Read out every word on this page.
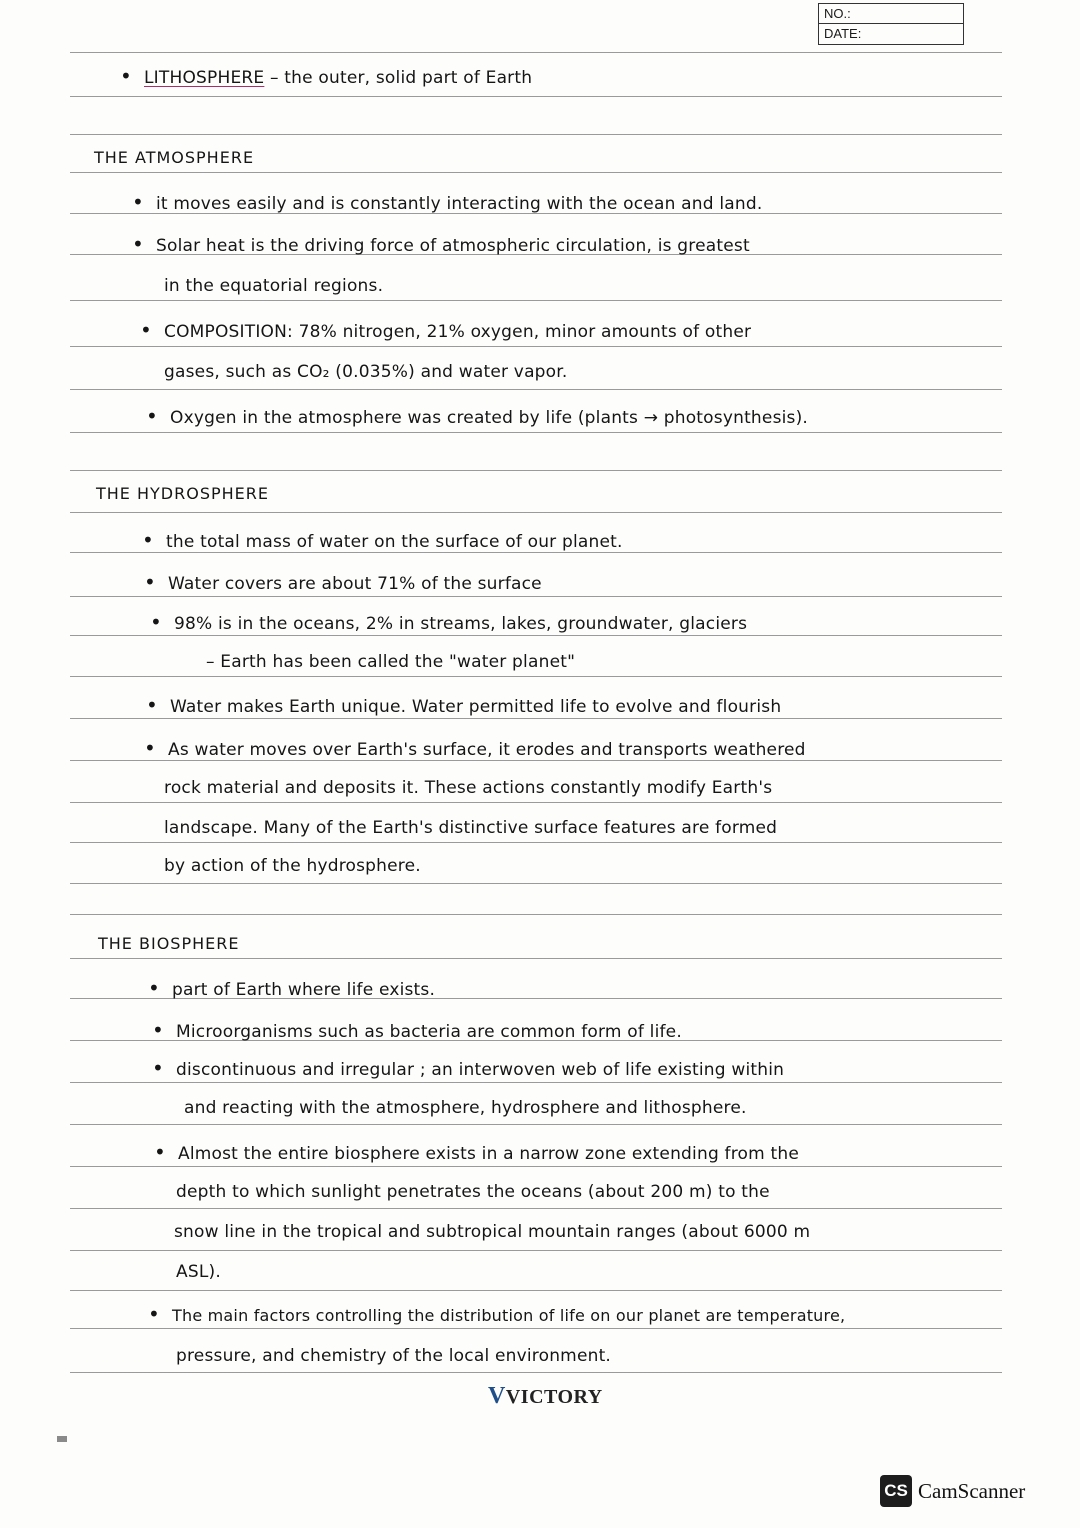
NO.:
DATE:
• LITHOSPHERE – the outer, solid part of Earth
THE ATMOSPHERE
• it moves easily and is constantly interacting with the ocean and land.
• Solar heat is the driving force of atmospheric circulation, is greatest
in the equatorial regions.
• COMPOSITION: 78% nitrogen, 21% oxygen, minor amounts of other
gases, such as CO₂ (0.035%) and water vapor.
• Oxygen in the atmosphere was created by life (plants → photosynthesis).
THE HYDROSPHERE
• the total mass of water on the surface of our planet.
• Water covers are about 71% of the surface
• 98% is in the oceans, 2% in streams, lakes, groundwater, glaciers
– Earth has been called the "water planet"
• Water makes Earth unique. Water permitted life to evolve and flourish
• As water moves over Earth's surface, it erodes and transports weathered
rock material and deposits it. These actions constantly modify Earth's
landscape. Many of the Earth's distinctive surface features are formed
by action of the hydrosphere.
THE BIOSPHERE
• part of Earth where life exists.
• Microorganisms such as bacteria are common form of life.
• discontinuous and irregular ; an interwoven web of life existing within
and reacting with the atmosphere, hydrosphere and lithosphere.
• Almost the entire biosphere exists in a narrow zone extending from the
depth to which sunlight penetrates the oceans (about 200 m) to the
snow line in the tropical and subtropical mountain ranges (about 6000 m
ASL).
• The main factors controlling the distribution of life on our planet are temperature,
pressure, and chemistry of the local environment.
VVICTORY
CS CamScanner
